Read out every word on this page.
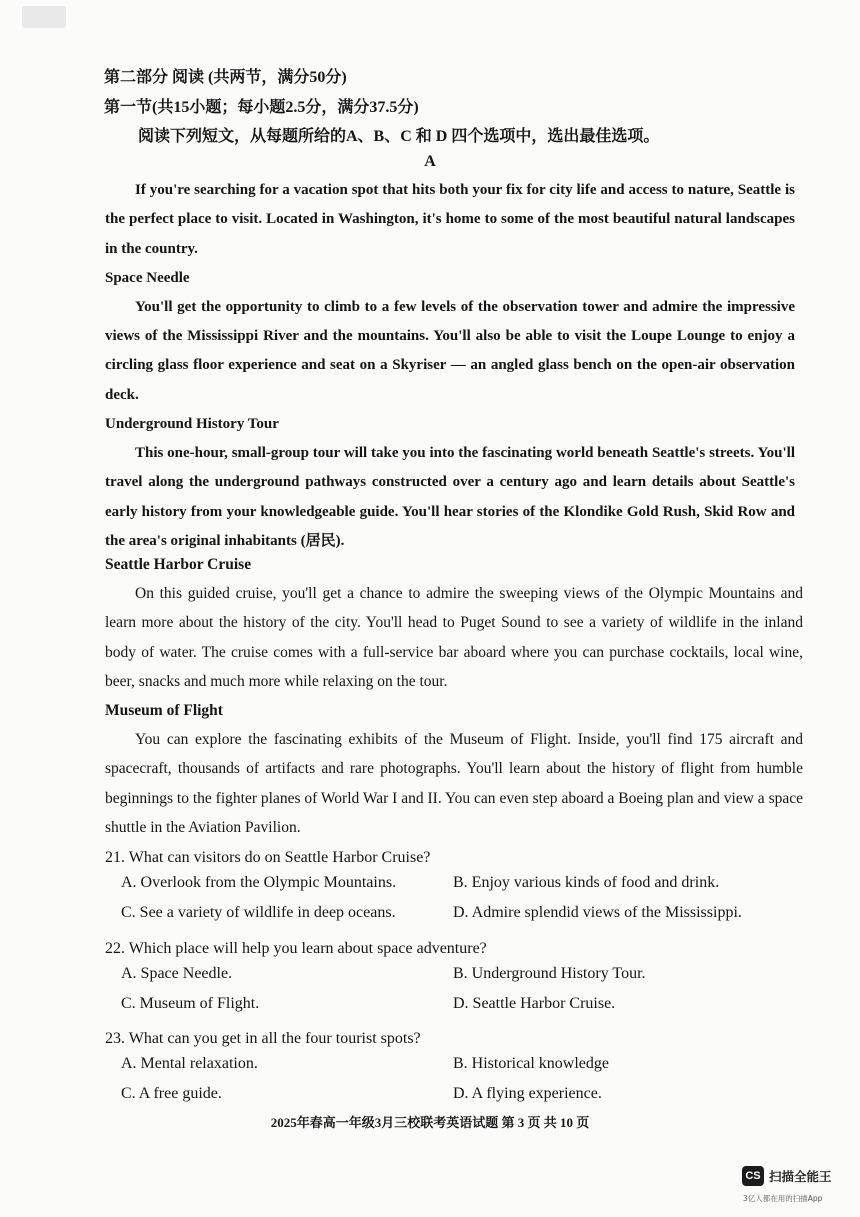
第二部分 阅读 (共两节，满分50分)
第一节(共15小题；每小题2.5分，满分37.5分)
阅读下列短文，从每题所给的A、B、C 和 D 四个选项中，选出最佳选项。
A

If you're searching for a vacation spot that hits both your fix for city life and access to nature, Seattle is the perfect place to visit. Located in Washington, it's home to some of the most beautiful natural landscapes in the country.

Space Needle

You'll get the opportunity to climb to a few levels of the observation tower and admire the impressive views of the Mississippi River and the mountains. You'll also be able to visit the Loupe Lounge to enjoy a circling glass floor experience and seat on a Skyriser — an angled glass bench on the open-air observation deck.

Underground History Tour

This one-hour, small-group tour will take you into the fascinating world beneath Seattle's streets. You'll travel along the underground pathways constructed over a century ago and learn details about Seattle's early history from your knowledgeable guide. You'll hear stories of the Klondike Gold Rush, Skid Row and the area's original inhabitants (居民).

Seattle Harbor Cruise

On this guided cruise, you'll get a chance to admire the sweeping views of the Olympic Mountains and learn more about the history of the city. You'll head to Puget Sound to see a variety of wildlife in the inland body of water. The cruise comes with a full-service bar aboard where you can purchase cocktails, local wine, beer, snacks and much more while relaxing on the tour.

Museum of Flight

You can explore the fascinating exhibits of the Museum of Flight. Inside, you'll find 175 aircraft and spacecraft, thousands of artifacts and rare photographs. You'll learn about the history of flight from humble beginnings to the fighter planes of World War I and II. You can even step aboard a Boeing plan and view a space shuttle in the Aviation Pavilion.

21. What can visitors do on Seattle Harbor Cruise?
A. Overlook from the Olympic Mountains.	B. Enjoy various kinds of food and drink.
C. See a variety of wildlife in deep oceans.	D. Admire splendid views of the Mississippi.
22. Which place will help you learn about space adventure?
A. Space Needle.	B. Underground History Tour.
C. Museum of Flight.	D. Seattle Harbor Cruise.
23. What can you get in all the four tourist spots?
A. Mental relaxation.	B. Historical knowledge
C. A free guide.	D. A flying experience.
2025年春高一年级3月三校联考英语试题 第 3 页 共 10 页
CS 扫描全能王
3亿人都在用的扫描App
